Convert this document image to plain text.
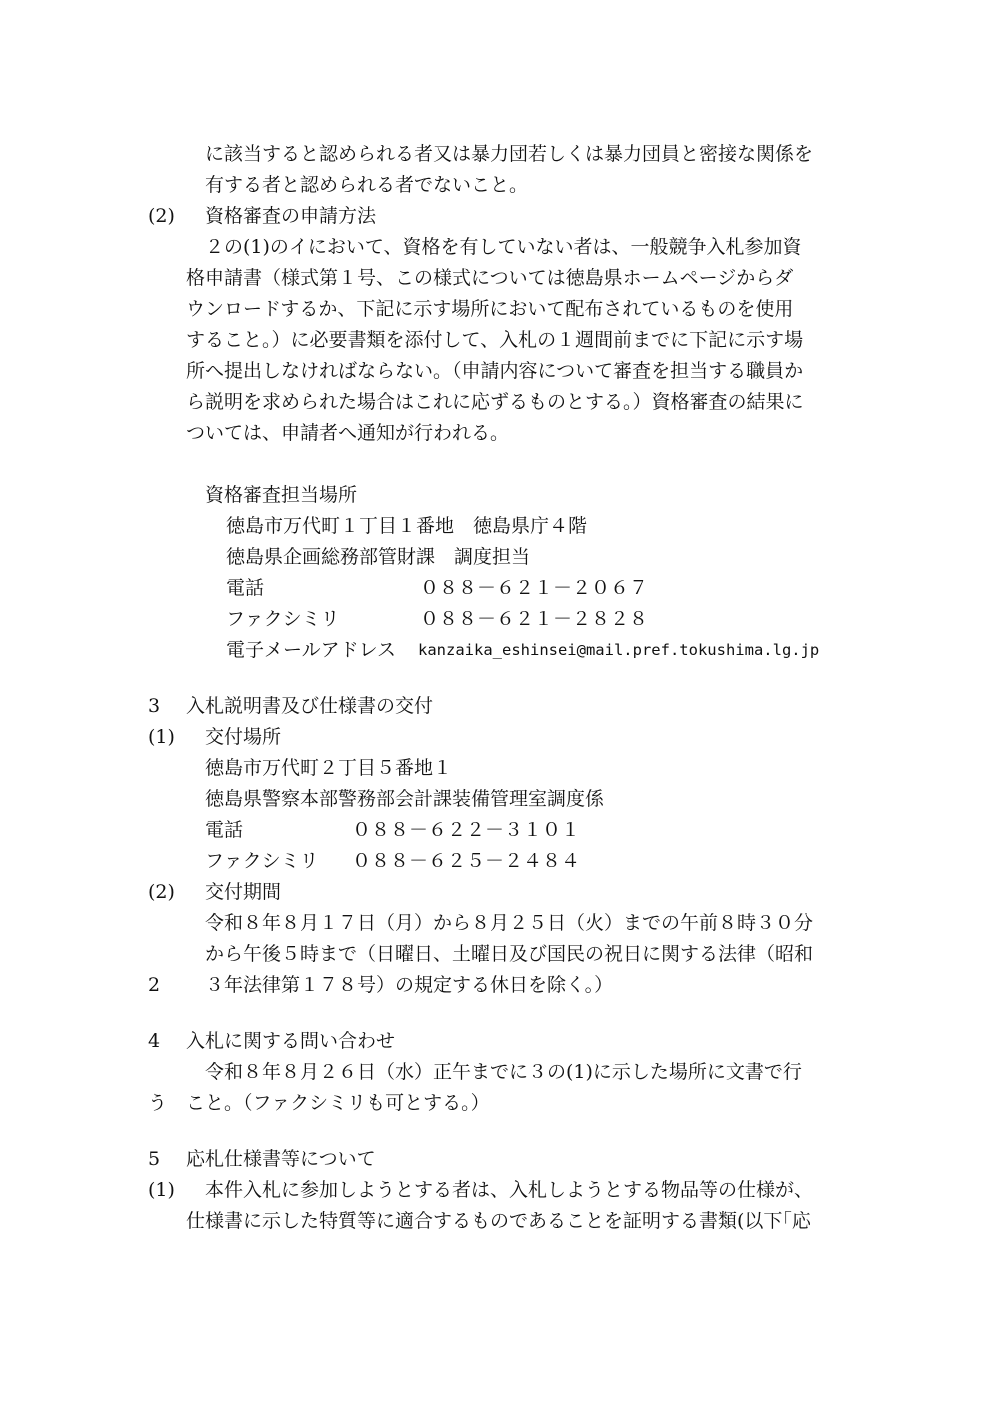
に該当すると認められる者又は暴力団若しくは暴力団員と密接な関係を
有する者と認められる者でないこと。
(2) 資格審査の申請方法
２の(1)のイにおいて、資格を有していない者は、一般競争入札参加資
格申請書（様式第１号、この様式については徳島県ホームページからダ
ウンロードするか、下記に示す場所において配布されているものを使用
すること。）に必要書類を添付して、入札の１週間前までに下記に示す場
所へ提出しなければならない。（申請内容について審査を担当する職員か
ら説明を求められた場合はこれに応ずるものとする。）資格審査の結果に
ついては、申請者へ通知が行われる。
資格審査担当場所
徳島市万代町１丁目１番地　徳島県庁４階
徳島県企画総務部管財課　調度担当
電話	０８８－６２１－２０６７
ファクシミリ	０８８－６２１－２８２８
電子メールアドレス kanzaika_eshinsei@mail.pref.tokushima.lg.jp
3 入札説明書及び仕様書の交付
(1) 交付場所
徳島市万代町２丁目５番地１
徳島県警察本部警務部会計課装備管理室調度係
電話	０８８－６２２－３１０１
ファクシミリ ０８８－６２５－２４８４
(2) 交付期間
令和８年８月１７日（月）から８月２５日（火）までの午前８時３０分
から午後５時まで（日曜日、土曜日及び国民の祝日に関する法律（昭和
2 ３年法律第１７８号）の規定する休日を除く。）
4 入札に関する問い合わせ
令和８年８月２６日（水）正午までに３の(1)に示した場所に文書で行
う こと。（ファクシミリも可とする。）
5 応札仕様書等について
(1) 本件入札に参加しようとする者は、入札しようとする物品等の仕様が、
仕様書に示した特質等に適合するものであることを証明する書類(以下｢応
